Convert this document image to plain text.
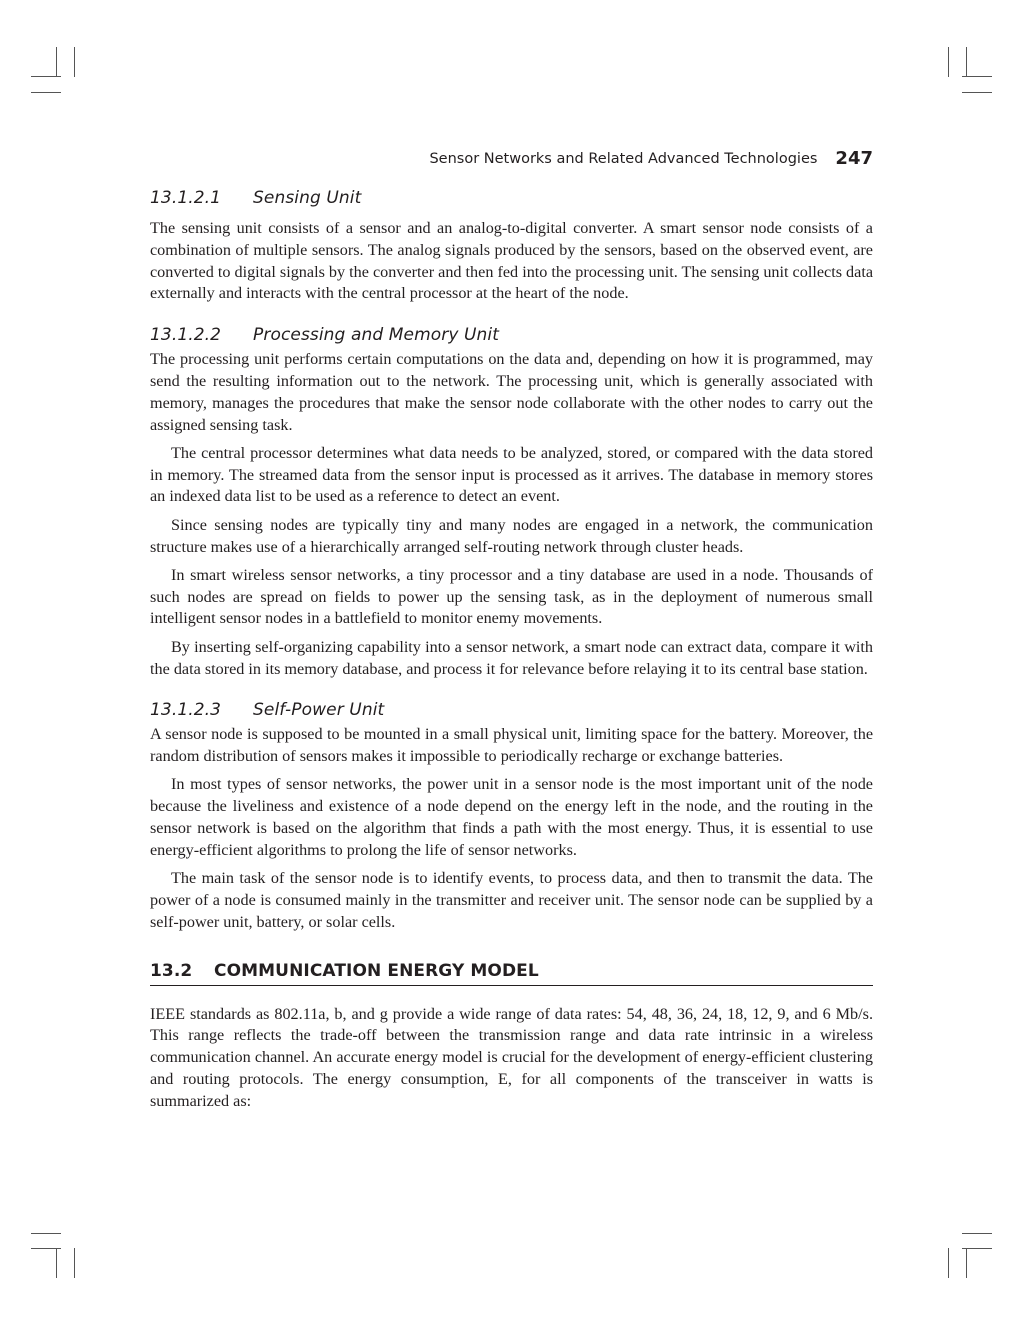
Sensor Networks and Related Advanced Technologies 247
13.1.2.1 Sensing Unit

The sensing unit consists of a sensor and an analog-to-digital converter. A smart sensor node consists of a combination of multiple sensors. The analog signals produced by the sensors, based on the observed event, are converted to digital signals by the converter and then fed into the processing unit. The sensing unit collects data externally and interacts with the central processor at the heart of the node.

13.1.2.2 Processing and Memory Unit

The processing unit performs certain computations on the data and, depending on how it is programmed, may send the resulting information out to the network. The processing unit, which is generally associated with memory, manages the procedures that make the sensor node collaborate with the other nodes to carry out the assigned sensing task.

The central processor determines what data needs to be analyzed, stored, or compared with the data stored in memory. The streamed data from the sensor input is processed as it arrives. The database in memory stores an indexed data list to be used as a reference to detect an event.

Since sensing nodes are typically tiny and many nodes are engaged in a network, the communication structure makes use of a hierarchically arranged self-routing network through cluster heads.

In smart wireless sensor networks, a tiny processor and a tiny database are used in a node. Thousands of such nodes are spread on fields to power up the sensing task, as in the deployment of numerous small intelligent sensor nodes in a battlefield to monitor enemy movements.

By inserting self-organizing capability into a sensor network, a smart node can extract data, compare it with the data stored in its memory database, and process it for relevance before relaying it to its central base station.

13.1.2.3 Self-Power Unit

A sensor node is supposed to be mounted in a small physical unit, limiting space for the battery. Moreover, the random distribution of sensors makes it impossible to periodically recharge or exchange batteries.

In most types of sensor networks, the power unit in a sensor node is the most important unit of the node because the liveliness and existence of a node depend on the energy left in the node, and the routing in the sensor network is based on the algorithm that finds a path with the most energy. Thus, it is essential to use energy-efficient algorithms to prolong the life of sensor networks.

The main task of the sensor node is to identify events, to process data, and then to transmit the data. The power of a node is consumed mainly in the transmitter and receiver unit. The sensor node can be supplied by a self-power unit, battery, or solar cells.

13.2 COMMUNICATION ENERGY MODEL

IEEE standards as 802.11a, b, and g provide a wide range of data rates: 54, 48, 36, 24, 18, 12, 9, and 6 Mb/s. This range reflects the trade-off between the transmission range and data rate intrinsic in a wireless communication channel. An accurate energy model is crucial for the development of energy-efficient clustering and routing protocols. The energy consumption, E, for all components of the transceiver in watts is summarized as:
